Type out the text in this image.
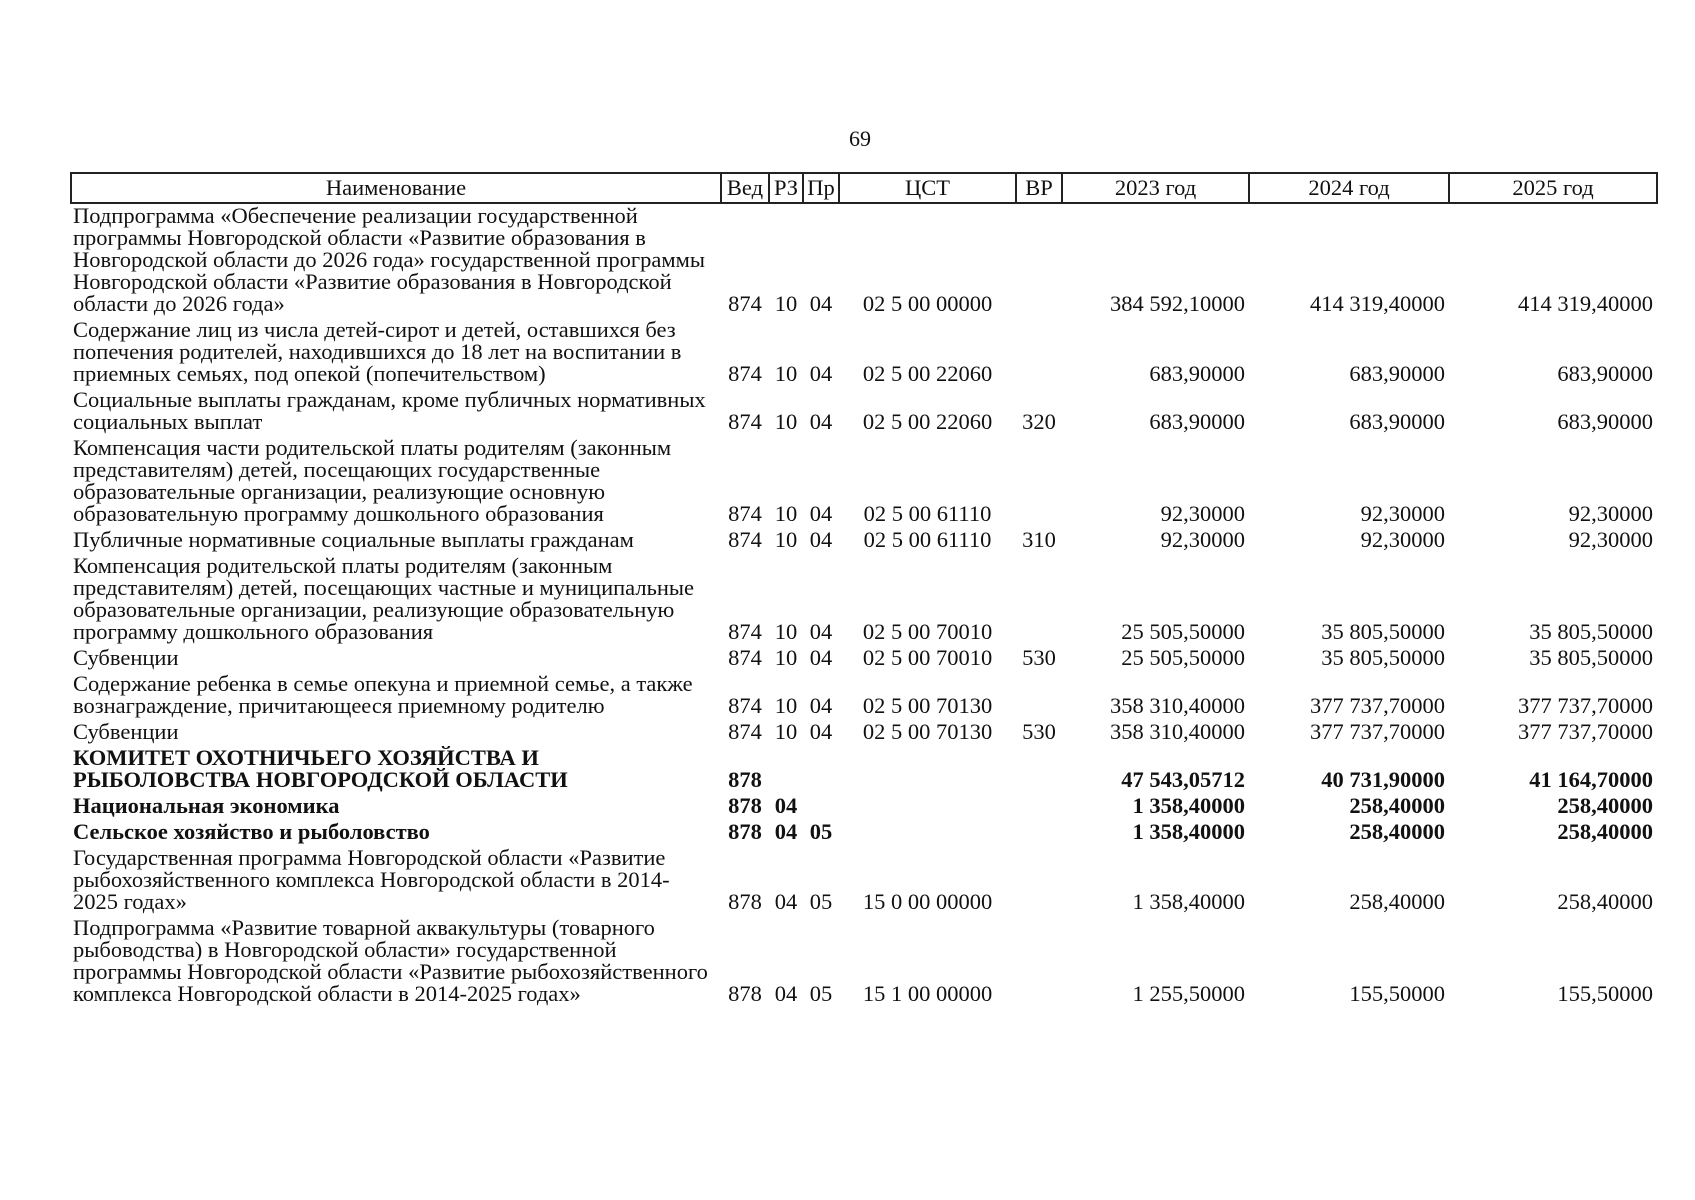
69
Наименование	Вед	РЗ	Пр	ЦСТ	ВР	2023 год	2024 год	2025 год
Подпрограмма «Обеспечение реализации государственной программы Новгородской области «Развитие образования в Новгородской области до 2026 года» государственной программы Новгородской области «Развитие образования в Новгородской области до 2026 года»	874	10	04	02 5 00 00000		384 592,10000	414 319,40000	414 319,40000
Содержание лиц из числа детей-сирот и детей, оставшихся без попечения родителей, находившихся до 18 лет на воспитании в приемных семьях, под опекой (попечительством)	874	10	04	02 5 00 22060		683,90000	683,90000	683,90000
Социальные выплаты гражданам, кроме публичных нормативных социальных выплат	874	10	04	02 5 00 22060	320	683,90000	683,90000	683,90000
Компенсация части родительской платы родителям (законным представителям) детей, посещающих государственные образовательные организации, реализующие основную образовательную программу дошкольного образования	874	10	04	02 5 00 61110		92,30000	92,30000	92,30000
Публичные нормативные социальные выплаты гражданам	874	10	04	02 5 00 61110	310	92,30000	92,30000	92,30000
Компенсация родительской платы родителям (законным представителям) детей, посещающих частные и муниципальные образовательные организации, реализующие образовательную программу дошкольного образования	874	10	04	02 5 00 70010		25 505,50000	35 805,50000	35 805,50000
Субвенции	874	10	04	02 5 00 70010	530	25 505,50000	35 805,50000	35 805,50000
Содержание ребенка в семье опекуна и приемной семье, а также вознаграждение, причитающееся приемному родителю	874	10	04	02 5 00 70130		358 310,40000	377 737,70000	377 737,70000
Субвенции	874	10	04	02 5 00 70130	530	358 310,40000	377 737,70000	377 737,70000
КОМИТЕТ ОХОТНИЧЬЕГО ХОЗЯЙСТВА И РЫБОЛОВСТВА НОВГОРОДСКОЙ ОБЛАСТИ	878					47 543,05712	40 731,90000	41 164,70000
Национальная экономика	878	04				1 358,40000	258,40000	258,40000
Сельское хозяйство и рыболовство	878	04	05			1 358,40000	258,40000	258,40000
Государственная программа Новгородской области «Развитие рыбохозяйственного комплекса Новгородской области в 2014-2025 годах»	878	04	05	15 0 00 00000		1 358,40000	258,40000	258,40000
Подпрограмма «Развитие товарной аквакультуры (товарного рыбоводства) в Новгородской области» государственной программы Новгородской области «Развитие рыбохозяйственного комплекса Новгородской области в 2014-2025 годах»	878	04	05	15 1 00 00000		1 255,50000	155,50000	155,50000
